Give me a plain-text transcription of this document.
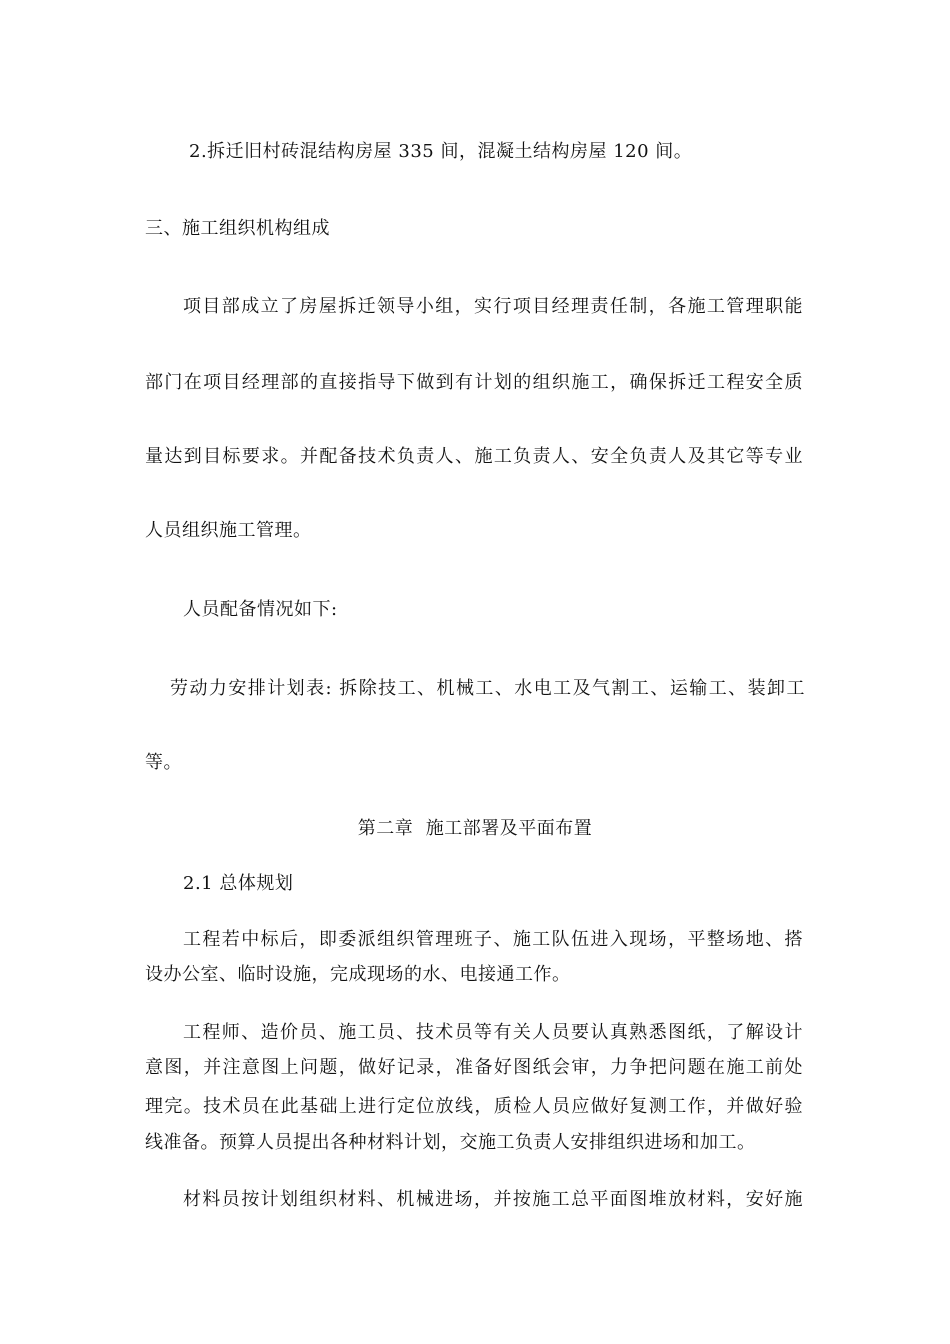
2.拆迁旧村砖混结构房屋 335 间，混凝土结构房屋 120 间。
三、施工组织机构组成
项目部成立了房屋拆迁领导小组，实行项目经理责任制，各施工管理职能
部门在项目经理部的直接指导下做到有计划的组织施工，确保拆迁工程安全质
量达到目标要求。并配备技术负责人、施工负责人、安全负责人及其它等专业
人员组织施工管理。
人员配备情况如下:
劳动力安排计划表: 拆除技工、机械工、水电工及气割工、运输工、装卸工
等。
第二章  施工部署及平面布置
2.1 总体规划
工程若中标后，即委派组织管理班子、施工队伍进入现场，平整场地、搭
设办公室、临时设施，完成现场的水、电接通工作。
工程师、造价员、施工员、技术员等有关人员要认真熟悉图纸，了解设计
意图，并注意图上问题，做好记录，准备好图纸会审，力争把问题在施工前处
理完。技术员在此基础上进行定位放线，质检人员应做好复测工作，并做好验
线准备。预算人员提出各种材料计划，交施工负责人安排组织进场和加工。
材料员按计划组织材料、机械进场，并按施工总平面图堆放材料，安好施
